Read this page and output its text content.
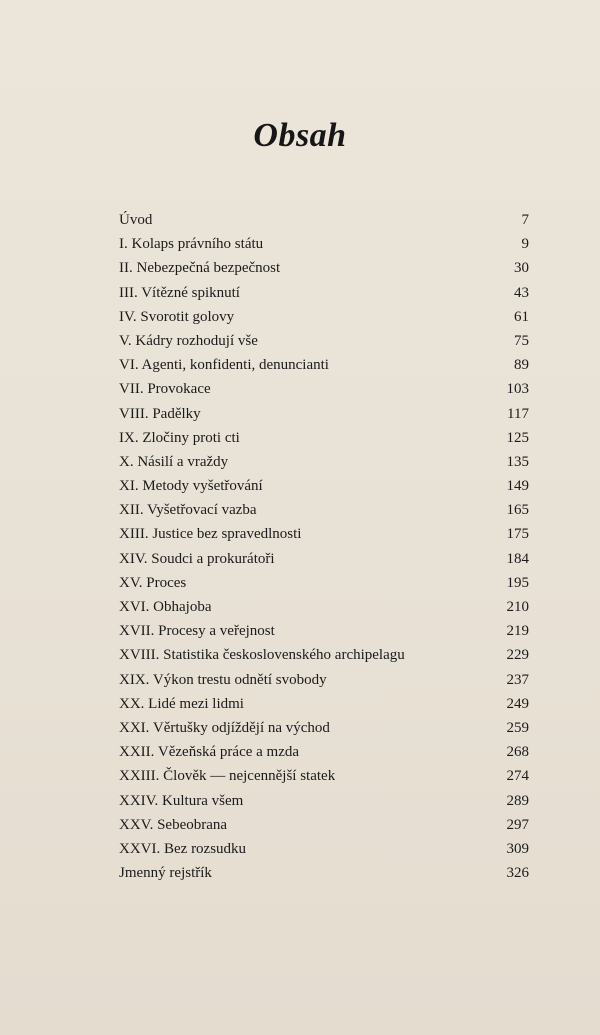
Obsah
Úvod	7
I. Kolaps právního státu	9
II. Nebezpečná bezpečnost	30
III. Vítězné spiknutí	43
IV. Svorotit golovy	61
V. Kádry rozhodují vše	75
VI. Agenti, konfidenti, denuncianti	89
VII. Provokace	103
VIII. Padělky	117
IX. Zločiny proti cti	125
X. Násilí a vraždy	135
XI. Metody vyšetřování	149
XII. Vyšetřovací vazba	165
XIII. Justice bez spravedlnosti	175
XIV. Soudci a prokurátoři	184
XV. Proces	195
XVI. Obhajoba	210
XVII. Procesy a veřejnost	219
XVIII. Statistika československého archipelagu	229
XIX. Výkon trestu odnětí svobody	237
XX. Lidé mezi lidmi	249
XXI. Věrtušky odjíždějí na východ	259
XXII. Vězeňská práce a mzda	268
XXIII. Člověk — nejcennější statek	274
XXIV. Kultura všem	289
XXV. Sebeobrana	297
XXVI. Bez rozsudku	309
Jmenný rejstřík	326
